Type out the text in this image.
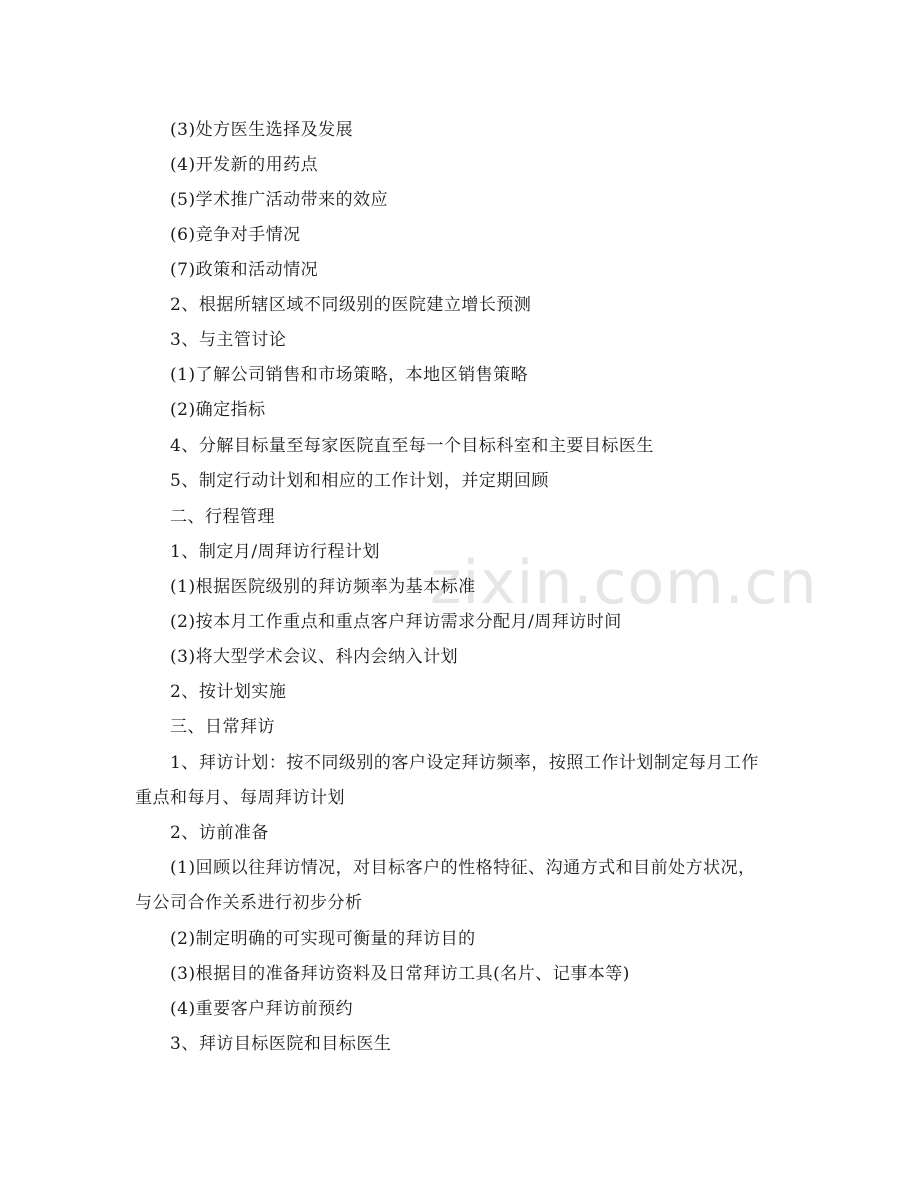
zixin.com.cn
(3)处方医生选择及发展
(4)开发新的用药点
(5)学术推广活动带来的效应
(6)竞争对手情况
(7)政策和活动情况
2、根据所辖区域不同级别的医院建立增长预测
3、与主管讨论
(1)了解公司销售和市场策略，本地区销售策略
(2)确定指标
4、分解目标量至每家医院直至每一个目标科室和主要目标医生
5、制定行动计划和相应的工作计划，并定期回顾
二、行程管理
1、制定月/周拜访行程计划
(1)根据医院级别的拜访频率为基本标准
(2)按本月工作重点和重点客户拜访需求分配月/周拜访时间
(3)将大型学术会议、科内会纳入计划
2、按计划实施
三、日常拜访
1、拜访计划：按不同级别的客户设定拜访频率，按照工作计划制定每月工作
重点和每月、每周拜访计划
2、访前准备
(1)回顾以往拜访情况，对目标客户的性格特征、沟通方式和目前处方状况，
与公司合作关系进行初步分析
(2)制定明确的可实现可衡量的拜访目的
(3)根据目的准备拜访资料及日常拜访工具(名片、记事本等)
(4)重要客户拜访前预约
3、拜访目标医院和目标医生
